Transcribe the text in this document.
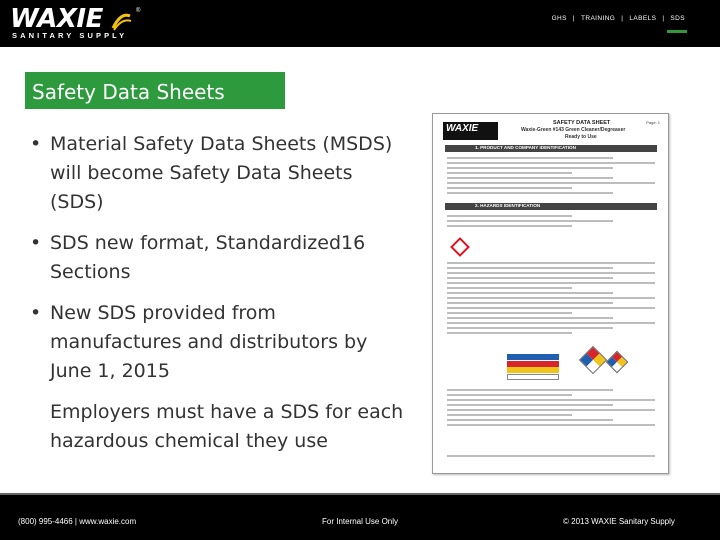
WAXIE	®
SANITARY SUPPLY
GHS | TRAINING | LABELS | SDS
Safety Data Sheets
• Material Safety Data Sheets (MSDS) will become Safety Data Sheets (SDS)
• SDS new format, Standardized16 Sections
• New SDS provided from manufactures and distributors by June 1, 2015
Employers must have a SDS for each hazardous chemical they use
WAXIE	SAFETY DATA SHEET	Page: 1
Waxie-Green #143 Green Cleaner/Degreaser
Ready to Use
1. PRODUCT AND COMPANY IDENTIFICATION
2. HAZARDS IDENTIFICATION
(800) 995-4466 | www.waxie.com	For Internal Use Only	© 2013 WAXIE Sanitary Supply
